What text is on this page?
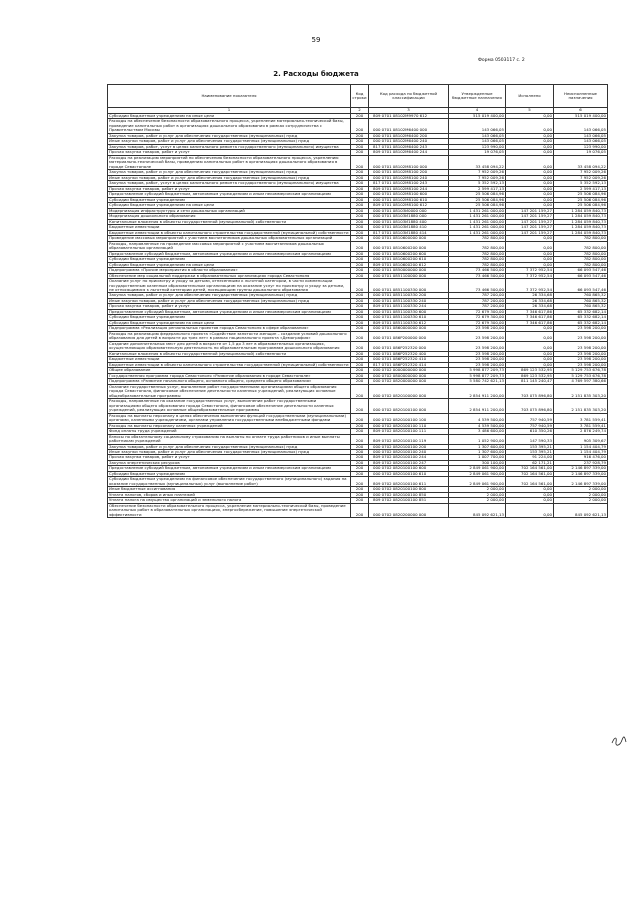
59
Форма 0503117 с. 2
2. Расходы бюджета
Наименование показателя	Код строки	Код расхода по бюджетной классификации	Утвержденные бюджетные назначения	Исполнено	Неисполненные назначения
1	2	3	4	5	6
Субсидии бюджетным учреждениям на иные цели	200	809 0701 08102М9970 612	515 019 400,00	0,00	515 019 400,00
Расходы на обеспечение безопасности образовательного процесса, укрепление материально-технической базы, проведение капитальных работ в организациях дошкольного образования в рамках сотрудничества с Правительством Москвы	200	000 0701 08102М6400 000	143 066,05	0,00	143 066,05
Закупка товаров, работ и услуг для обеспечения государственных (муниципальных) нужд	200	000 0701 08102М6400 200	143 066,05	0,00	143 066,05
Иные закупки товаров, работ и услуг для обеспечения государственных (муниципальных) нужд	200	000 0701 08102М6400 240	143 066,05	0,00	143 066,05
Закупка товаров, работ, услуг в целях капитального ремонта государственного (муниципального) имущества	200	817 0701 08102М6400 243	123 990,00	0,00	123 990,00
Прочая закупка товаров, работ и услуг	200	809 0701 08102М6400 244	19 076,05	0,00	19 076,05
Расходы на реализацию мероприятий по обеспечению безопасности образовательного процесса, укреплению материально-технической базы, проведению капитальных работ в организациях дошкольного образования в городе Севастополе	200	000 0701 08102М8100 000	33 458 094,22	0,00	33 458 094,22
Закупка товаров, работ и услуг для обеспечения государственных (муниципальных) нужд	200	000 0701 08102М8100 200	7 952 009,26	0,00	7 952 009,26
Иные закупки товаров, работ и услуг для обеспечения государственных (муниципальных) нужд	200	000 0701 08102М8100 240	7 952 009,26	0,00	7 952 009,26
Закупка товаров, работ, услуг в целях капитального ремонта государственного (муниципального) имущества	200	817 0701 08102М8100 243	5 352 592,13	0,00	5 352 592,13
Прочая закупка товаров, работ и услуг	200	809 0701 08102М8100 244	2 599 417,13	0,00	2 599 417,13
Предоставление субсидий бюджетным, автономным учреждениям и иным некоммерческим организациям	200	000 0701 08102М8100 600	25 506 084,96	0,00	25 506 084,96
Субсидии бюджетным учреждениям	200	000 0701 08102М8100 610	25 506 084,96	0,00	25 506 084,96
Субсидии бюджетным учреждениям на иные цели	200	809 0701 08102М8100 612	25 506 084,96	0,00	25 506 084,96
Модернизация инфраструктуры и сети дошкольных организаций	200	000 0701 08103И0000 000	1 431 261 000,00	147 201 159,27	1 284 059 840,73
Модернизация дошкольного образования	200	000 0701 08103И1880 000	1 431 261 000,00	147 201 159,27	1 284 059 840,73
Капитальные вложения в объекты государственной (муниципальной) собственности	200	000 0701 08103И1880 400	1 431 261 000,00	147 201 159,27	1 284 059 840,73
Бюджетные инвестиции	200	000 0701 08103И1880 410	1 431 261 000,00	147 201 159,27	1 284 059 840,73
Бюджетные инвестиции в объекты капитального строительства государственной (муниципальной) собственности	200	817 0701 08103И1880 414	1 431 261 000,00	147 201 159,27	1 284 059 840,73
Проведение массовых мероприятий с участием воспитанников дошкольных образовательных организаций	200	000 0701 0810600000 000	782 800,00	0,00	782 800,00
Расходы, направленные на проведение массовых мероприятий с участием воспитанников дошкольных образовательных организаций	200	000 0701 0810600200 000	782 800,00	0,00	782 800,00
Предоставление субсидий бюджетным, автономным учреждениям и иным некоммерческим организациям	200	000 0701 0810600200 600	782 800,00	0,00	782 800,00
Субсидии бюджетным учреждениям	200	000 0701 0810600200 610	782 800,00	0,00	782 800,00
Субсидии бюджетным учреждениям на иные цели	200	809 0701 0810600200 612	782 800,00	0,00	782 800,00
Подпрограмма «Прочие мероприятия в области образования»	200	000 0701 0850000000 000	73 466 500,00	7 372 952,54	66 093 547,46
Обеспечение мер социальной поддержки в образовательных организациях города Севастополя	200	000 0701 0851100000 000	73 466 500,00	7 372 952,54	66 093 547,46
Оказание услуг по присмотру и уходу за детьми, отнесенными к льготной категории, в части компенсации государственным казенным образовательным организациям на оказание услуг по присмотру и уходу за детьми, не относящимися к льготной категории детей, посещающим группы дошкольного образования	200	000 0701 0851100330 000	73 466 500,00	7 372 952,54	66 093 547,46
Закупка товаров, работ и услуг для обеспечения государственных (муниципальных) нужд	200	000 0701 0851100330 200	787 200,00	26 334,68	760 865,32
Иные закупки товаров, работ и услуг для обеспечения государственных (муниципальных) нужд	200	000 0701 0851100330 240	787 200,00	26 334,68	760 865,32
Прочая закупка товаров, работ и услуг	200	809 0701 0851100330 244	787 200,00	26 334,68	760 865,32
Предоставление субсидий бюджетным, автономным учреждениям и иным некоммерческим организациям	200	000 0701 0851100330 600	72 679 300,00	7 346 617,86	65 332 682,14
Субсидии бюджетным учреждениям	200	000 0701 0851100330 610	72 679 300,00	7 346 617,86	65 332 682,14
Субсидии бюджетным учреждениям на иные цели	200	809 0701 0851100330 612	72 679 300,00	7 346 617,86	65 332 682,14
Подпрограмма «Реализация региональных проектов города Севастополя в сфере образования»	200	000 0701 0860000000 000	23 598 200,00	0,00	23 598 200,00
Расходы на реализацию федерального проекта «Содействие занятости женщин – создание условий дошкольного образования для детей в возрасте до трех лет» в рамках национального проекта «Демография»	200	000 0701 086Р200000 000	23 598 200,00	0,00	23 598 200,00
Создание дополнительных мест для детей в возрасте от 1,5 до 3 лет в образовательных организациях, осуществляющих образовательную деятельность по образовательным программам дошкольного образования	200	000 0701 086Р252320 000	23 598 200,00	0,00	23 598 200,00
Капитальные вложения в объекты государственной (муниципальной) собственности	200	000 0701 086Р252320 400	23 598 200,00	0,00	23 598 200,00
Бюджетные инвестиции	200	000 0701 086Р252320 410	23 598 200,00	0,00	23 598 200,00
Бюджетные инвестиции в объекты капитального строительства государственной (муниципальной) собственности	200	817 0701 086Р252320 414	23 598 200,00	0,00	23 598 200,00
Общее образование	200	000 0702 0000000000 000	5 998 877 209,73	869 123 532,95	5 129 753 676,78
Государственная программа города Севастополя «Развитие образования в городе Севастополе»	200	000 0702 0800000000 000	5 998 877 209,73	869 123 532,95	5 129 753 676,78
Подпрограмма «Развитие начального общего, основного общего, среднего общего образования»	200	000 0702 0820000000 000	5 580 742 621,13	811 145 240,47	4 769 597 380,66
Оказание государственных услуг, выполнение работ государственными организациями общего образования города Севастополя, финансовое обеспечение деятельности казенных учреждений, реализующих основные общеобразовательные программы	200	000 0702 0820100000 000	2 854 911 200,00	703 075 896,80	2 151 835 303,20
Расходы, направленные на оказание государственных услуг, выполнение работ государственными организациями общего образования города Севастополя, финансовое обеспечение деятельности казенных учреждений, реализующих основные общеобразовательные программы	200	000 0702 0820100100 000	2 854 911 200,00	703 075 896,80	2 151 835 303,20
Расходы на выплаты персоналу в целях обеспечения выполнения функций государственными (муниципальными) органами, казенными учреждениями, органами управления государственными внебюджетными фондами	200	000 0702 0820100100 100	4 539 500,00	757 940,59	3 781 559,41
Расходы на выплаты персоналу казенных учреждений	200	000 0702 0820100100 110	4 539 500,00	757 940,59	3 781 559,41
Фонд оплаты труда учреждений	200	809 0702 0820100100 111	3 486 600,00	610 350,26	2 876 249,74
Взносы по обязательному социальному страхованию на выплаты по оплате труда работников и иные выплаты работникам учреждений	200	809 0702 0820100100 119	1 052 900,00	147 590,33	905 309,67
Закупка товаров, работ и услуг для обеспечения государственных (муниципальных) нужд	200	000 0702 0820100100 200	1 307 600,00	153 395,21	1 154 404,79
Иные закупки товаров, работ и услуг для обеспечения государственных (муниципальных) нужд	200	000 0702 0820100100 240	1 307 600,00	153 395,21	1 154 404,79
Прочая закупка товаров, работ и услуг	200	809 0702 0820100100 244	1 007 700,00	91 224,00	916 476,00
Закупка энергетических ресурсов	200	809 0702 0820100100 247	300 100,00	62 171,21	237 928,79
Предоставление субсидий бюджетным, автономным учреждениям и иным некоммерческим организациям	200	000 0702 0820100100 600	2 849 061 900,00	702 164 561,00	2 146 897 339,00
Субсидии бюджетным учреждениям	200	000 0702 0820100100 610	2 849 061 900,00	702 164 561,00	2 146 897 339,00
Субсидии бюджетным учреждениям на финансовое обеспечение государственного (муниципального) задания на оказание государственных (муниципальных) услуг (выполнение работ)	200	809 0702 0820100100 611	2 849 061 900,00	702 164 561,00	2 146 897 339,00
Иные бюджетные ассигнования	200	000 0702 0820100100 800	2 000,00	0,00	2 000,00
Уплата налогов, сборов и иных платежей	200	000 0702 0820100100 850	2 000,00	0,00	2 000,00
Уплата налога на имущество организаций и земельного налога	200	809 0702 0820100100 851	2 000,00	0,00	2 000,00
Обеспечение безопасности образовательного процесса, укрепление материально-технической базы, проведение капитальных работ в образовательных организациях, энергосбережение, повышение энергетической эффективности	200	000 0702 0820200000 000	845 092 621,13	0,00	845 092 621,13
